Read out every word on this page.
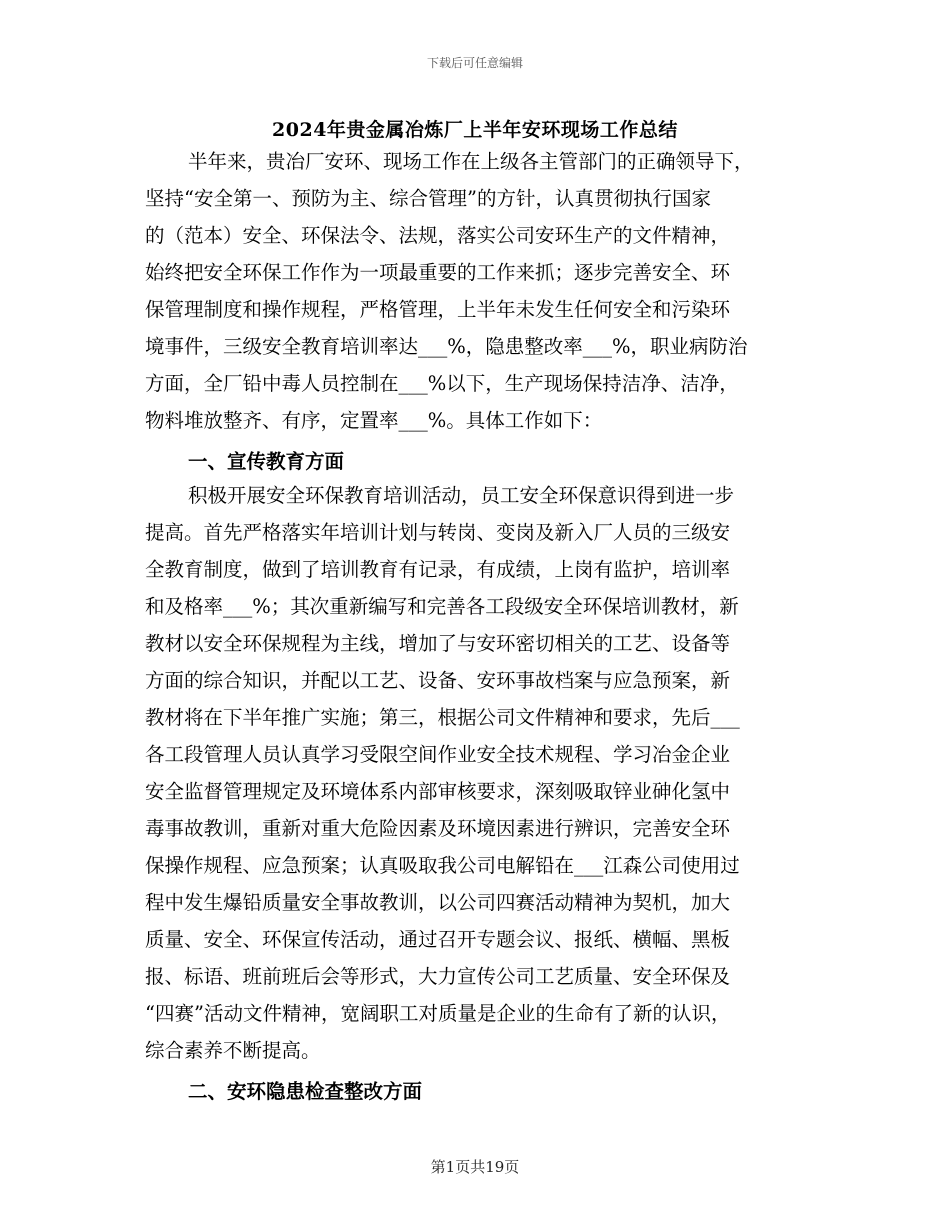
下载后可任意编辑
2024年贵金属冶炼厂上半年安环现场工作总结
半年来，贵冶厂安环、现场工作在上级各主管部门的正确领导下，
坚持“安全第一、预防为主、综合管理”的方针，认真贯彻执行国家
的（范本）安全、环保法令、法规，落实公司安环生产的文件精神，
始终把安全环保工作作为一项最重要的工作来抓；逐步完善安全、环
保管理制度和操作规程，严格管理，上半年未发生任何安全和污染环
境事件，三级安全教育培训率达___%，隐患整改率___%，职业病防治
方面，全厂铅中毒人员控制在___%以下，生产现场保持洁净、洁净，
物料堆放整齐、有序，定置率___%。具体工作如下：
一、宣传教育方面
积极开展安全环保教育培训活动，员工安全环保意识得到进一步
提高。首先严格落实年培训计划与转岗、变岗及新入厂人员的三级安
全教育制度，做到了培训教育有记录，有成绩，上岗有监护，培训率
和及格率___%；其次重新编写和完善各工段级安全环保培训教材，新
教材以安全环保规程为主线，增加了与安环密切相关的工艺、设备等
方面的综合知识，并配以工艺、设备、安环事故档案与应急预案，新
教材将在下半年推广实施；第三，根据公司文件精神和要求，先后___
各工段管理人员认真学习受限空间作业安全技术规程、学习冶金企业
安全监督管理规定及环境体系内部审核要求，深刻吸取锌业砷化氢中
毒事故教训，重新对重大危险因素及环境因素进行辨识，完善安全环
保操作规程、应急预案；认真吸取我公司电解铅在___江森公司使用过
程中发生爆铅质量安全事故教训，以公司四赛活动精神为契机，加大
质量、安全、环保宣传活动，通过召开专题会议、报纸、横幅、黑板
报、标语、班前班后会等形式，大力宣传公司工艺质量、安全环保及
“四赛”活动文件精神，宽阔职工对质量是企业的生命有了新的认识，
综合素养不断提高。
二、安环隐患检查整改方面
第1页共19页
